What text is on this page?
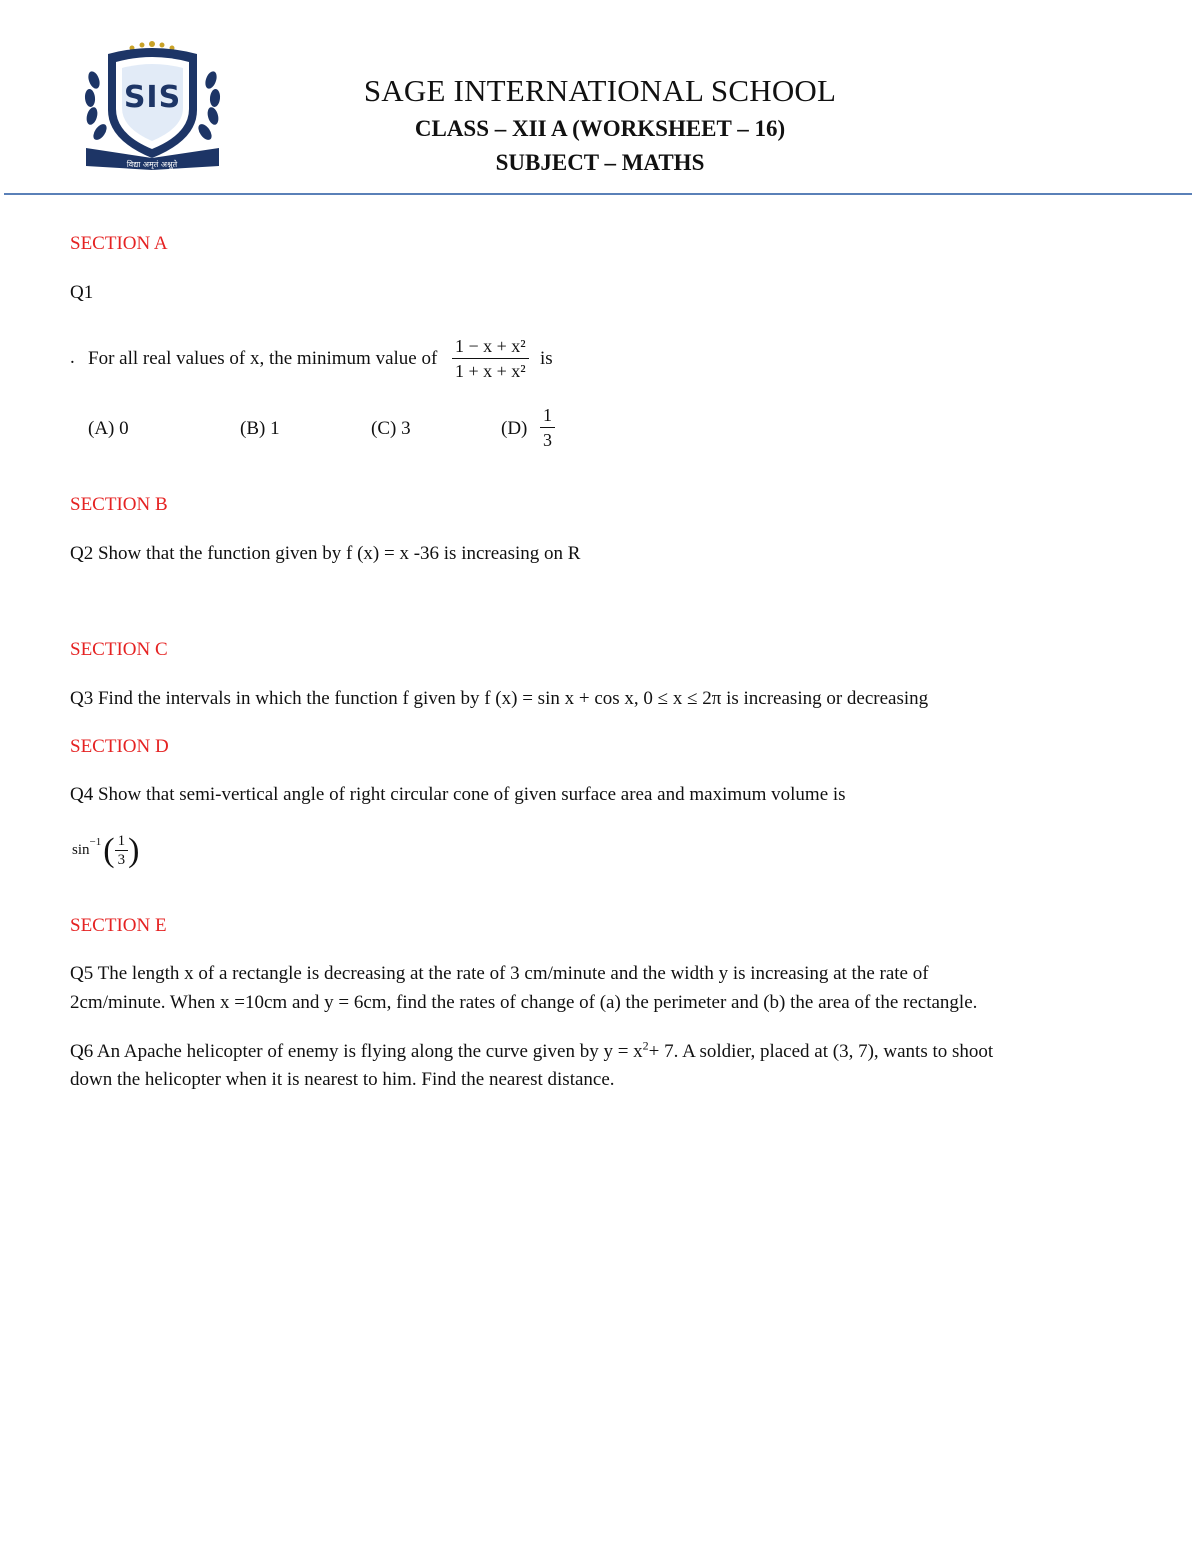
विद्या अमृतं अश्नुते
SIS	SAGE INTERNATIONAL SCHOOL
CLASS – XII A (WORKSHEET – 16)
SUBJECT – MATHS
SECTION A
Q1
. For all real values of x, the minimum value of $\frac{\text{1 − x + x²}}{\text{1 + x + x²}}$ is
(A) 0	(B) 1	(C) 3	$(D) \frac{1}{3}$
SECTION B
Q2 Show that the function given by f (x) = x -36 is increasing on R
SECTION C
Q3 Find the intervals in which the function f given by f (x) = sin x + cos x, 0 ≤ x ≤ 2π is increasing or decreasing
SECTION D
Q4 Show that semi-vertical angle of right circular cone of given surface area and maximum volume is
sin
−1 ( $\frac{1}{3}$ )
SECTION E
Q5 The length x of a rectangle is decreasing at the rate of 3 cm/minute and the width y is increasing at the rate of
2cm/minute. When x =10cm and y = 6cm, find the rates of change of (a) the perimeter and (b) the area of the rectangle.
Q6 An Apache helicopter of enemy is flying along the curve given by $y = x^2+ 7$. A soldier, placed at (3, 7), wants to shoot
down the helicopter when it is nearest to him. Find the nearest distance.
